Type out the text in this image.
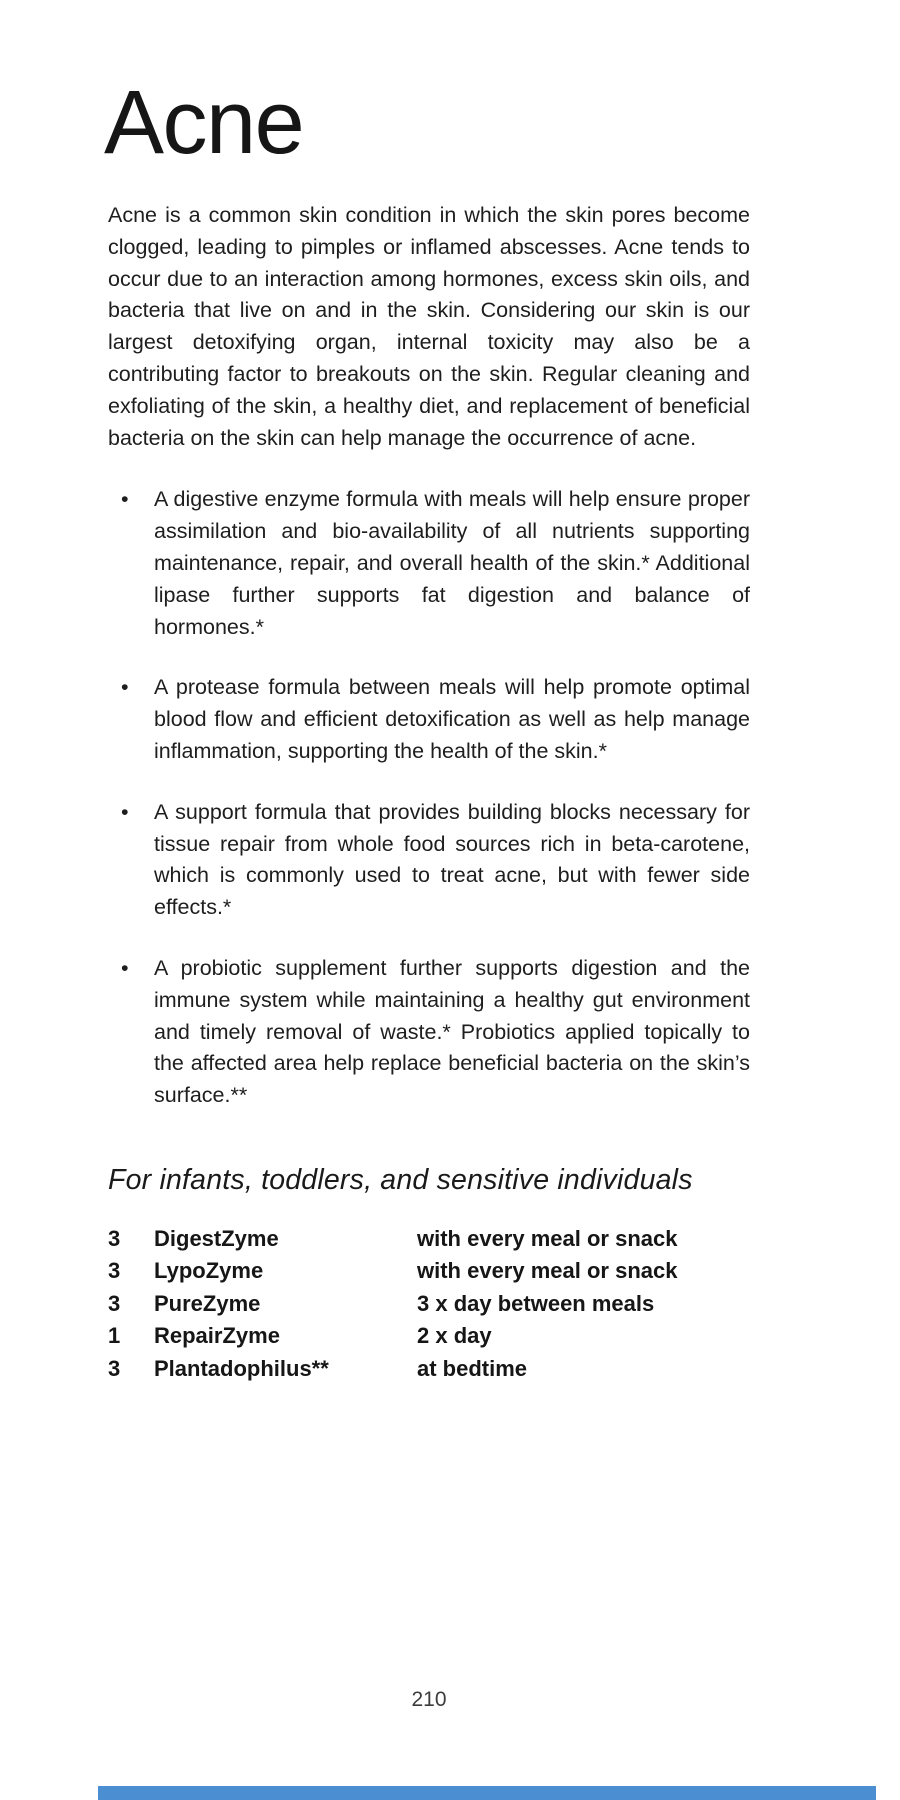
Acne

Acne is a common skin condition in which the skin pores become clogged, leading to pimples or inflamed abscesses. Acne tends to occur due to an interaction among hormones, excess skin oils, and bacteria that live on and in the skin. Considering our skin is our largest detoxifying organ, internal toxicity may also be a contributing factor to breakouts on the skin. Regular cleaning and exfoliating of the skin, a healthy diet, and replacement of beneficial bacteria on the skin can help manage the occurrence of acne.

• A digestive enzyme formula with meals will help ensure proper assimilation and bio-availability of all nutrients supporting maintenance, repair, and overall health of the skin.* Additional lipase further supports fat digestion and balance of hormones.*
• A protease formula between meals will help promote optimal blood flow and efficient detoxification as well as help manage inflammation, supporting the health of the skin.*
• A support formula that provides building blocks necessary for tissue repair from whole food sources rich in beta-carotene, which is commonly used to treat acne, but with fewer side effects.*
• A probiotic supplement further supports digestion and the immune system while maintaining a healthy gut environment and timely removal of waste.* Probiotics applied topically to the affected area help replace beneficial bacteria on the skin’s surface.**
For infants, toddlers, and sensitive individuals
3	DigestZyme	with every meal or snack
3	LypoZyme	with every meal or snack
3	PureZyme	3 x day between meals
1	RepairZyme	2 x day
3	Plantadophilus**	at bedtime
210
